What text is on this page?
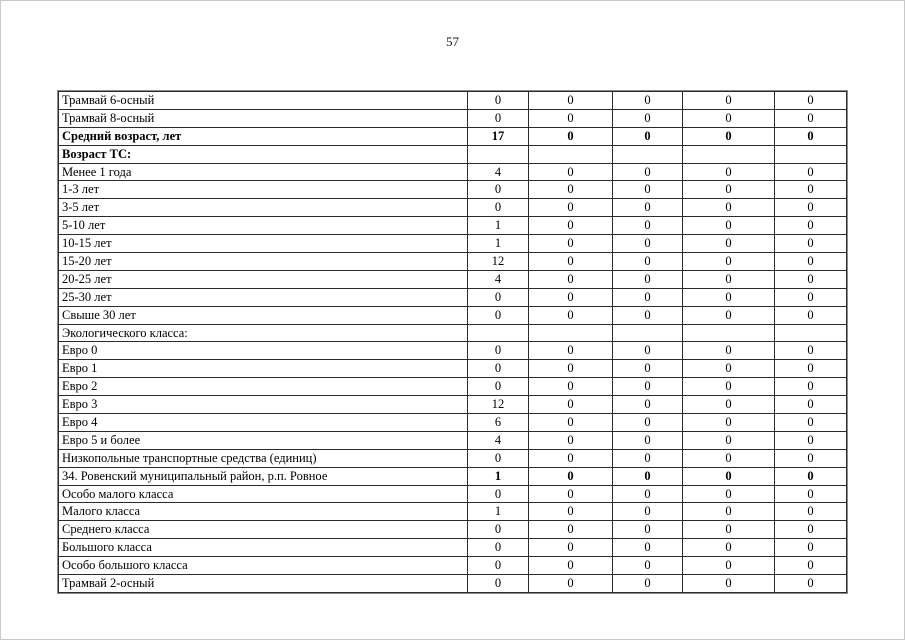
57
Трамвай 6-осный	0	0	0	0	0
Трамвай 8-осный	0	0	0	0	0
Средний возраст, лет	17	0	0	0	0
Возраст ТС:					
Менее 1 года	4	0	0	0	0
1-3 лет	0	0	0	0	0
3-5 лет	0	0	0	0	0
5-10 лет	1	0	0	0	0
10-15 лет	1	0	0	0	0
15-20 лет	12	0	0	0	0
20-25 лет	4	0	0	0	0
25-30 лет	0	0	0	0	0
Свыше 30 лет	0	0	0	0	0
Экологического класса:					
Евро 0	0	0	0	0	0
Евро 1	0	0	0	0	0
Евро 2	0	0	0	0	0
Евро 3	12	0	0	0	0
Евро 4	6	0	0	0	0
Евро 5 и более	4	0	0	0	0
Низкопольные транспортные средства (единиц)	0	0	0	0	0
34. Ровенский муниципальный район, р.п. Ровное	1	0	0	0	0
Особо малого класса	0	0	0	0	0
Малого класса	1	0	0	0	0
Среднего класса	0	0	0	0	0
Большого класса	0	0	0	0	0
Особо большого класса	0	0	0	0	0
Трамвай 2-осный	0	0	0	0	0
